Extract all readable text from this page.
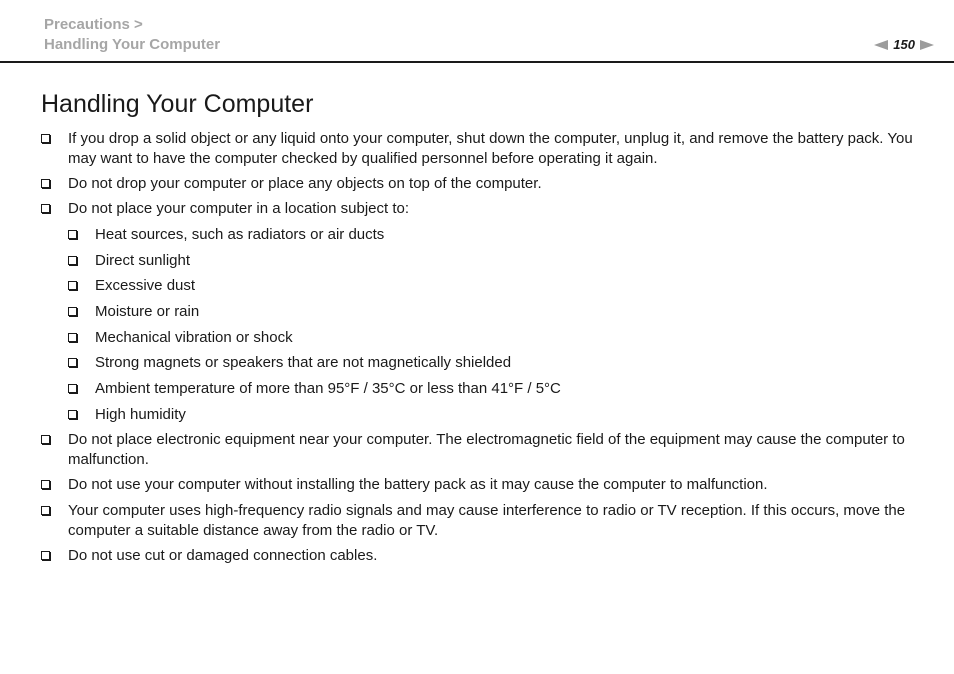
Precautions >
Handling Your Computer	150
Handling Your Computer
If you drop a solid object or any liquid onto your computer, shut down the computer, unplug it, and remove the battery pack. You may want to have the computer checked by qualified personnel before operating it again.
Do not drop your computer or place any objects on top of the computer.
Do not place your computer in a location subject to:
Heat sources, such as radiators or air ducts
Direct sunlight
Excessive dust
Moisture or rain
Mechanical vibration or shock
Strong magnets or speakers that are not magnetically shielded
Ambient temperature of more than 95°F / 35°C or less than 41°F / 5°C
High humidity
Do not place electronic equipment near your computer. The electromagnetic field of the equipment may cause the computer to malfunction.
Do not use your computer without installing the battery pack as it may cause the computer to malfunction.
Your computer uses high-frequency radio signals and may cause interference to radio or TV reception. If this occurs, move the computer a suitable distance away from the radio or TV.
Do not use cut or damaged connection cables.
